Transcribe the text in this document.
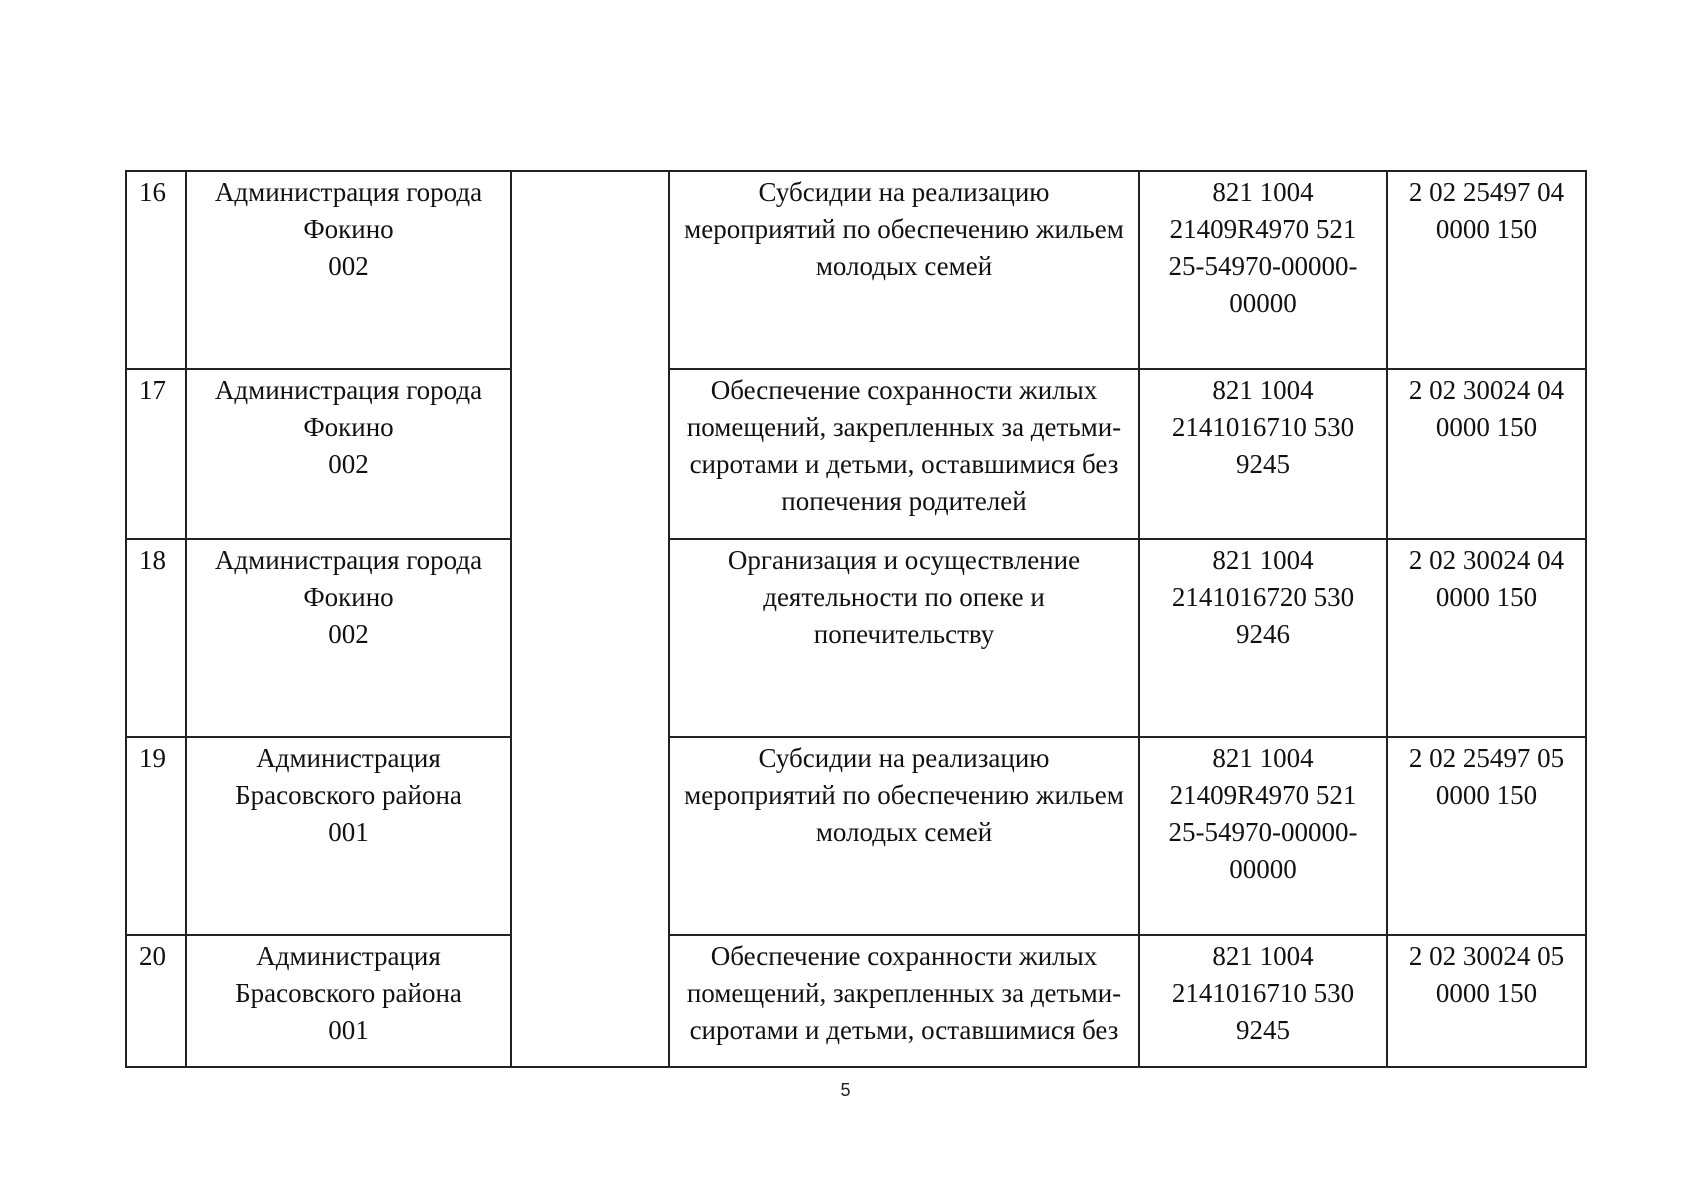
16	Администрация города
Фокино
002		Субсидии на реализацию
мероприятий по обеспечению жильем
молодых семей	821 1004
21409R4970 521
25-54970-00000-
00000	2 02 25497 04
0000 150

17	Администрация города
Фокино
002		Обеспечение сохранности жилых
помещений, закрепленных за детьми-
сиротами и детьми, оставшимися без
попечения родителей	821 1004
2141016710 530
9245	2 02 30024 04
0000 150

18	Администрация города
Фокино
002		Организация и осуществление
деятельности по опеке и
попечительству	821 1004
2141016720 530
9246	2 02 30024 04
0000 150

19	Администрация
Брасовского района
001		Субсидии на реализацию
мероприятий по обеспечению жильем
молодых семей	821 1004
21409R4970 521
25-54970-00000-
00000	2 02 25497 05
0000 150

20	Администрация
Брасовского района
001		Обеспечение сохранности жилых
помещений, закрепленных за детьми-
сиротами и детьми, оставшимися без	821 1004
2141016710 530
9245	2 02 30024 05
0000 150
5
